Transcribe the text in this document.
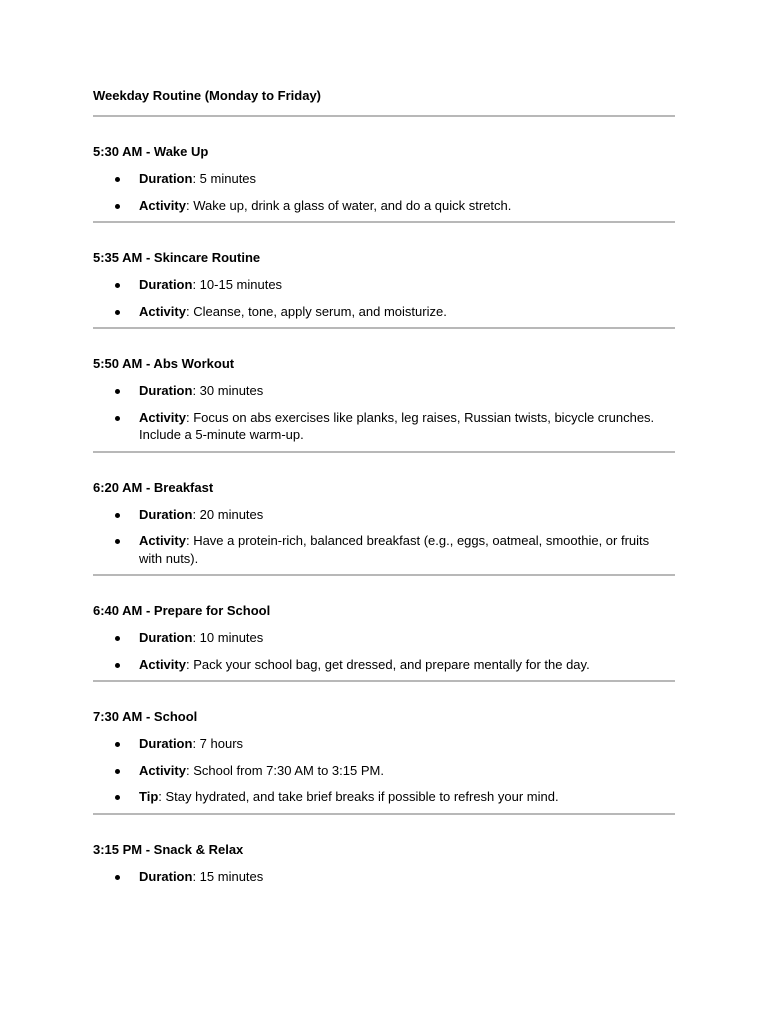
Weekday Routine (Monday to Friday)

5:30 AM - Wake Up

Duration: 5 minutes
Activity: Wake up, drink a glass of water, and do a quick stretch.

5:35 AM - Skincare Routine

Duration: 10-15 minutes
Activity: Cleanse, tone, apply serum, and moisturize.

5:50 AM - Abs Workout

Duration: 30 minutes
Activity: Focus on abs exercises like planks, leg raises, Russian twists, bicycle crunches. Include a 5-minute warm-up.

6:20 AM - Breakfast

Duration: 20 minutes
Activity: Have a protein-rich, balanced breakfast (e.g., eggs, oatmeal, smoothie, or fruits with nuts).

6:40 AM - Prepare for School

Duration: 10 minutes
Activity: Pack your school bag, get dressed, and prepare mentally for the day.

7:30 AM - School

Duration: 7 hours
Activity: School from 7:30 AM to 3:15 PM.
Tip: Stay hydrated, and take brief breaks if possible to refresh your mind.

3:15 PM - Snack & Relax

Duration: 15 minutes
